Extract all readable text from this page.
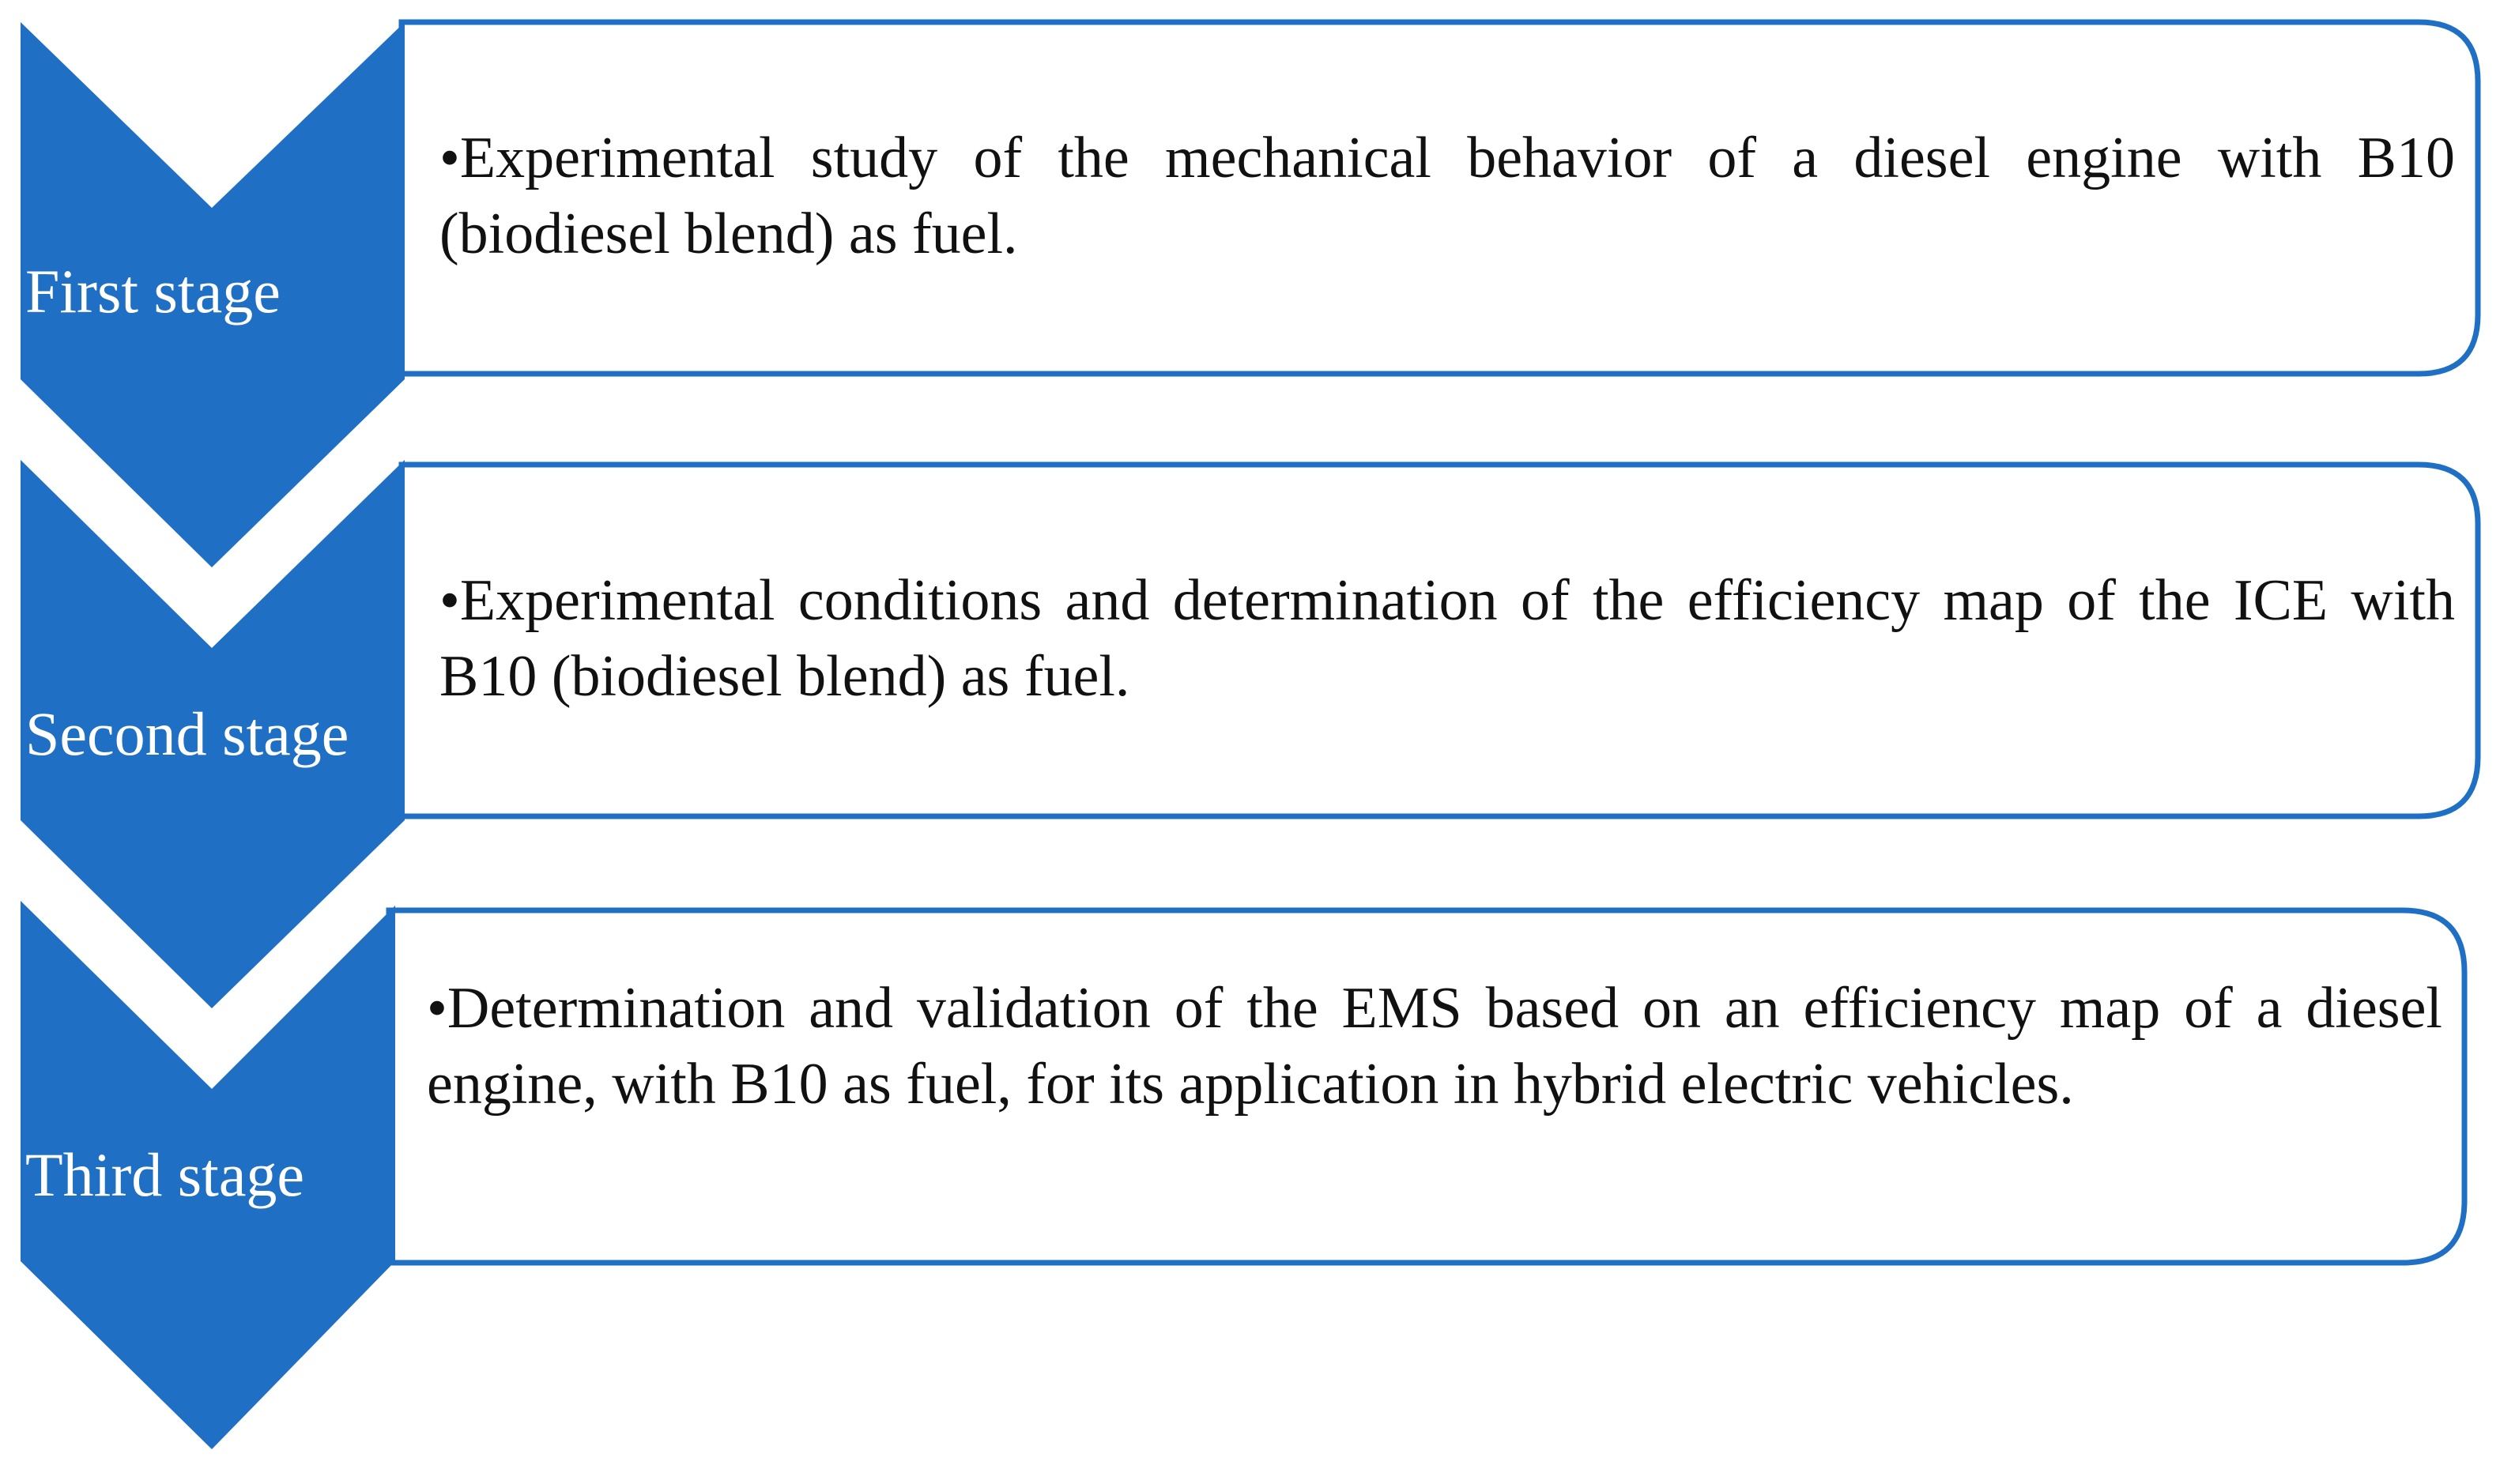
First stage
Second stage
Third stage

•Experimental study of the mechanical behavior of a diesel engine with B10 (biodiesel blend) as fuel.

•Experimental conditions and determination of the efficiency map of the ICE with B10 (biodiesel blend) as fuel.

•Determination and validation of the EMS based on an efficiency map of a diesel engine, with B10 as fuel, for its application in hybrid electric vehicles.
